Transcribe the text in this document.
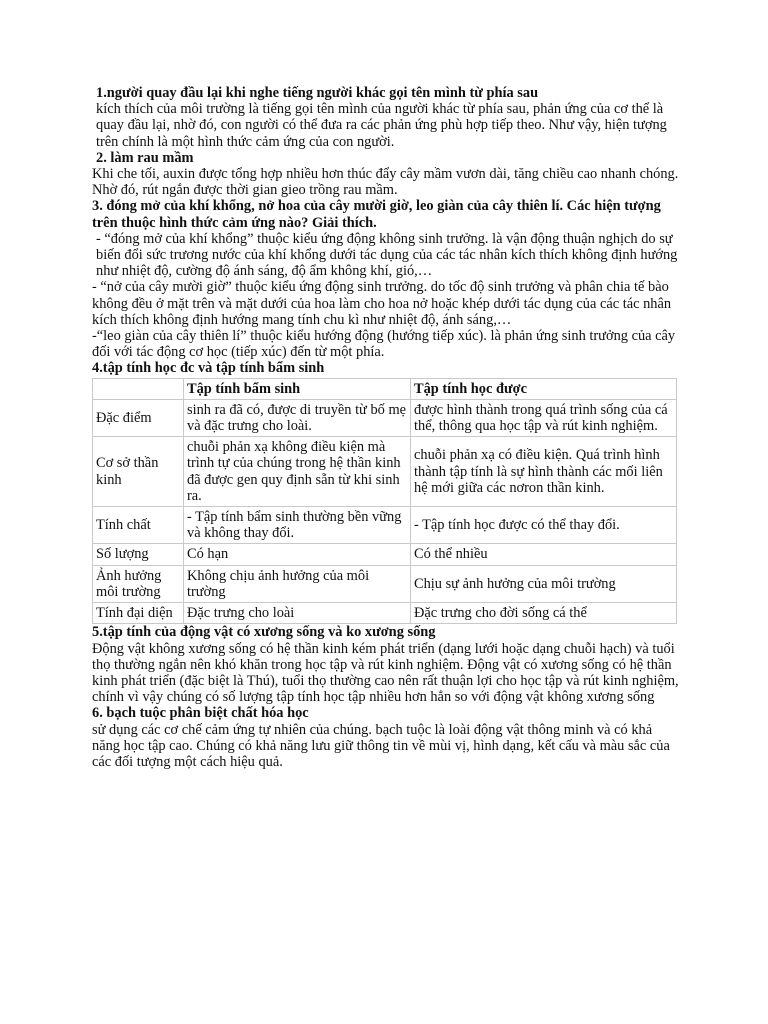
1.người quay đầu lại khi nghe tiếng người khác gọi tên mình từ phía sau

kích thích của môi trường là tiếng gọi tên mình của người khác từ phía sau, phản ứng của cơ thể là quay đầu lại, nhờ đó, con người có thể đưa ra các phản ứng phù hợp tiếp theo. Như vậy, hiện tượng trên chính là một hình thức cảm ứng của con người.

2. làm rau mầm

Khi che tối, auxin được tổng hợp nhiều hơn thúc đẩy cây mầm vươn dài, tăng chiều cao nhanh chóng. Nhờ đó, rút ngắn được thời gian gieo trồng rau mầm.

3. đóng mở của khí khổng, nở hoa của cây mười giờ, leo giàn của cây thiên lí. Các hiện tượng trên thuộc hình thức cảm ứng nào? Giải thích.

- “đóng mở của khí khổng” thuộc kiểu ứng động không sinh trưởng. là vận động thuận nghịch do sự biến đổi sức trương nước của khí khổng dưới tác dụng của các tác nhân kích thích không định hướng như nhiệt độ, cường độ ánh sáng, độ ẩm không khí, gió,…

- “nở của cây mười giờ” thuộc kiểu ứng động sinh trưởng. do tốc độ sinh trưởng và phân chia tế bào không đều ở mặt trên và mặt dưới của hoa làm cho hoa nở hoặc khép dưới tác dụng của các tác nhân kích thích không định hướng mang tính chu kì như nhiệt độ, ánh sáng,…

-“leo giàn của cây thiên lí” thuộc kiểu hướng động (hướng tiếp xúc). là phản ứng sinh trưởng của cây đối với tác động cơ học (tiếp xúc) đến từ một phía.

4.tập tính học đc và tập tính bẩm sinh

	Tập tính bẩm sinh	Tập tính học được
Đặc điểm	sinh ra đã có, được di truyền từ bố mẹ và đặc trưng cho loài.	được hình thành trong quá trình sống của cá thể, thông qua học tập và rút kinh nghiệm.
Cơ sở thần kinh	chuỗi phản xạ không điều kiện mà trình tự của chúng trong hệ thần kinh đã được gen quy định sẵn từ khi sinh ra.	chuỗi phản xạ có điều kiện. Quá trình hình thành tập tính là sự hình thành các mối liên hệ mới giữa các nơron thần kinh.
Tính chất	- Tập tính bẩm sinh thường bền vững và không thay đổi.	- Tập tính học được có thể thay đổi.
Số lượng	Có hạn	Có thể nhiều
Ảnh hưởng môi trường	Không chịu ảnh hưởng của môi trường	Chịu sự ảnh hưởng của môi trường
Tính đại diện	Đặc trưng cho loài	Đặc trưng cho đời sống cá thể

5.tập tính của động vật có xương sống và ko xương sống

Động vật không xương sống có hệ thần kinh kém phát triển (dạng lưới hoặc dạng chuỗi hạch) và tuổi thọ thường ngắn nên khó khăn trong học tập và rút kinh nghiệm. Động vật có xương sống có hệ thần kinh phát triển (đặc biệt là Thú), tuổi thọ thường cao nên rất thuận lợi cho học tập và rút kinh nghiệm, chính vì vậy chúng có số lượng tập tính học tập nhiều hơn hẳn so với động vật không xương sống

6. bạch tuộc phân biệt chất hóa học

sử dụng các cơ chế cảm ứng tự nhiên của chúng. bạch tuộc là loài động vật thông minh và có khả năng học tập cao. Chúng có khả năng lưu giữ thông tin về mùi vị, hình dạng, kết cấu và màu sắc của các đối tượng một cách hiệu quả.
